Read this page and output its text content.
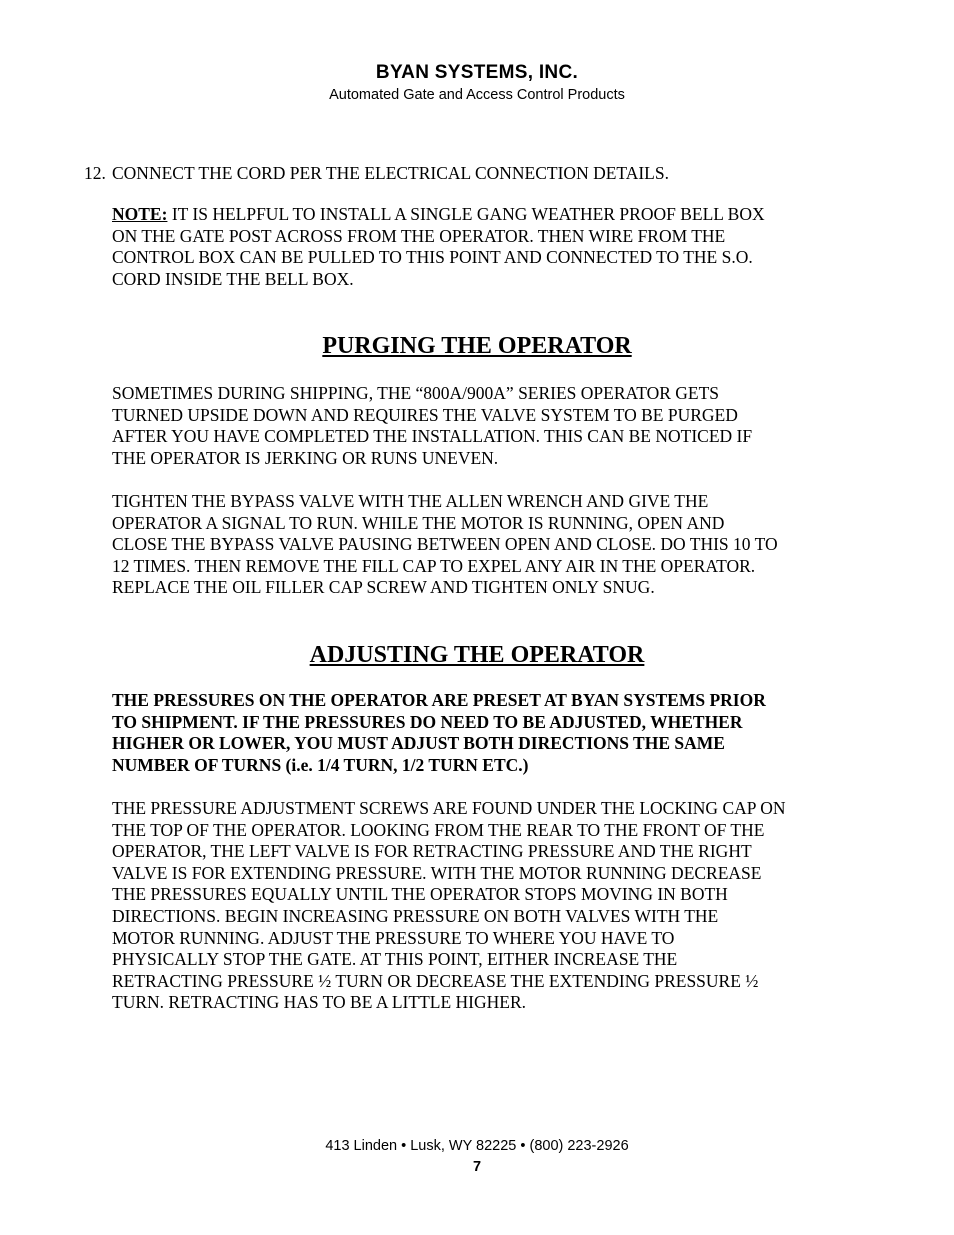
BYAN SYSTEMS, INC.
Automated Gate and Access Control Products
12. CONNECT THE CORD PER THE ELECTRICAL CONNECTION DETAILS.
NOTE: IT IS HELPFUL TO INSTALL A SINGLE GANG WEATHER PROOF BELL BOX
ON THE GATE POST ACROSS FROM THE OPERATOR. THEN WIRE FROM THE
CONTROL BOX CAN BE PULLED TO THIS POINT AND CONNECTED TO THE S.O.
CORD INSIDE THE BELL BOX.
PURGING THE OPERATOR
SOMETIMES DURING SHIPPING, THE “800A/900A” SERIES OPERATOR GETS
TURNED UPSIDE DOWN AND REQUIRES THE VALVE SYSTEM TO BE PURGED
AFTER YOU HAVE COMPLETED THE INSTALLATION. THIS CAN BE NOTICED IF
THE OPERATOR IS JERKING OR RUNS UNEVEN.
TIGHTEN THE BYPASS VALVE WITH THE ALLEN WRENCH AND GIVE THE
OPERATOR A SIGNAL TO RUN. WHILE THE MOTOR IS RUNNING, OPEN AND
CLOSE THE BYPASS VALVE PAUSING BETWEEN OPEN AND CLOSE. DO THIS 10 TO
12 TIMES. THEN REMOVE THE FILL CAP TO EXPEL ANY AIR IN THE OPERATOR.
REPLACE THE OIL FILLER CAP SCREW AND TIGHTEN ONLY SNUG.
ADJUSTING THE OPERATOR
THE PRESSURES ON THE OPERATOR ARE PRESET AT BYAN SYSTEMS PRIOR
TO SHIPMENT. IF THE PRESSURES DO NEED TO BE ADJUSTED, WHETHER
HIGHER OR LOWER, YOU MUST ADJUST BOTH DIRECTIONS THE SAME
NUMBER OF TURNS (i.e. 1/4 TURN, 1/2 TURN ETC.)
THE PRESSURE ADJUSTMENT SCREWS ARE FOUND UNDER THE LOCKING CAP ON
THE TOP OF THE OPERATOR. LOOKING FROM THE REAR TO THE FRONT OF THE
OPERATOR, THE LEFT VALVE IS FOR RETRACTING PRESSURE AND THE RIGHT
VALVE IS FOR EXTENDING PRESSURE. WITH THE MOTOR RUNNING DECREASE
THE PRESSURES EQUALLY UNTIL THE OPERATOR STOPS MOVING IN BOTH
DIRECTIONS. BEGIN INCREASING PRESSURE ON BOTH VALVES WITH THE
MOTOR RUNNING. ADJUST THE PRESSURE TO WHERE YOU HAVE TO
PHYSICALLY STOP THE GATE. AT THIS POINT, EITHER INCREASE THE
RETRACTING PRESSURE ½ TURN OR DECREASE THE EXTENDING PRESSURE ½
TURN. RETRACTING HAS TO BE A LITTLE HIGHER.
413 Linden • Lusk, WY 82225 • (800) 223-2926
7
